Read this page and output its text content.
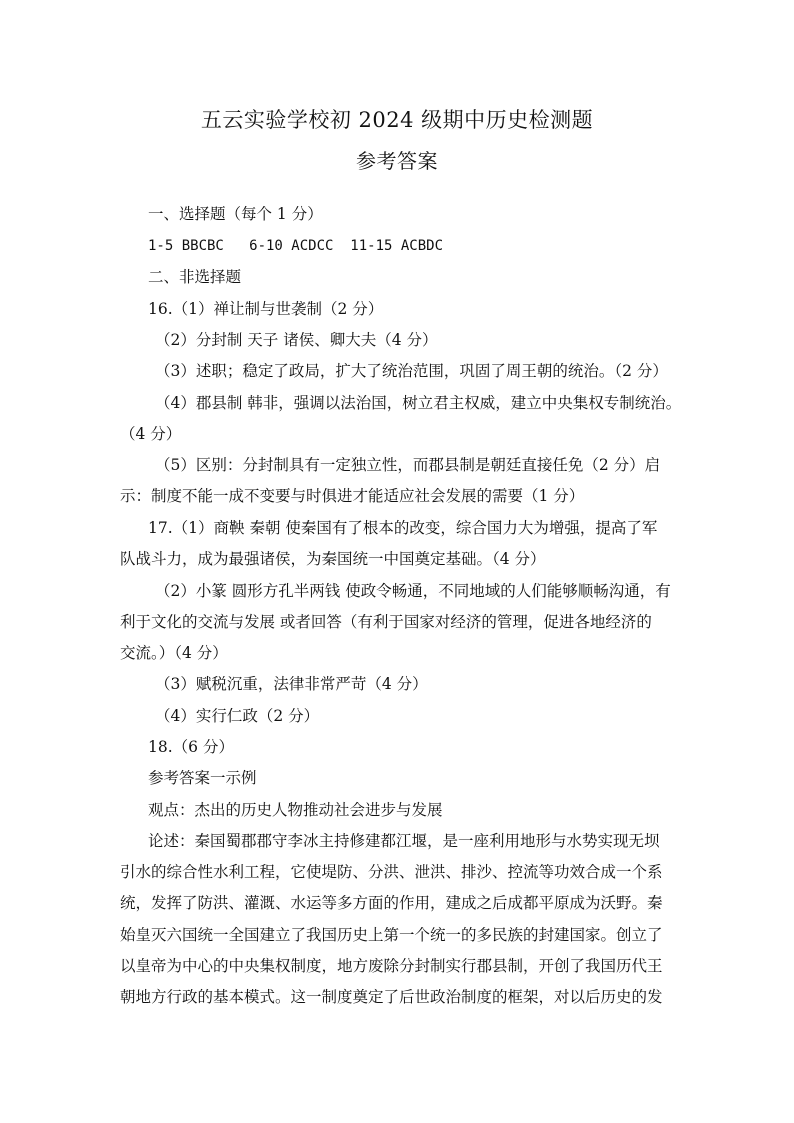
五云实验学校初 2024 级期中历史检测题
参考答案
一、选择题（每个 1 分）
1-5 BBCBC   6-10 ACDCC  11-15 ACBDC
二、非选择题
16.（1）禅让制与世袭制（2 分）
（2）分封制 天子 诸侯、卿大夫（4 分）
（3）述职；稳定了政局，扩大了统治范围，巩固了周王朝的统治。（2 分）
（4）郡县制 韩非，强调以法治国，树立君主权威，建立中央集权专制统治。
（4 分）
（5）区别：分封制具有一定独立性，而郡县制是朝廷直接任免（2 分）启
示：制度不能一成不变要与时俱进才能适应社会发展的需要（1 分）
17.（1）商鞅 秦朝 使秦国有了根本的改变，综合国力大为增强，提高了军
队战斗力，成为最强诸侯，为秦国统一中国奠定基础。（4 分）
（2）小篆 圆形方孔半两钱 使政令畅通，不同地域的人们能够顺畅沟通，有
利于文化的交流与发展 或者回答（有利于国家对经济的管理，促进各地经济的
交流。）（4 分）
（3）赋税沉重，法律非常严苛（4 分）
（4）实行仁政（2 分）
18.（6 分）
参考答案一示例
观点：杰出的历史人物推动社会进步与发展
论述：秦国蜀郡郡守李冰主持修建都江堰，是一座利用地形与水势实现无坝
引水的综合性水利工程，它使堤防、分洪、泄洪、排沙、控流等功效合成一个系
统，发挥了防洪、灌溉、水运等多方面的作用，建成之后成都平原成为沃野。秦
始皇灭六国统一全国建立了我国历史上第一个统一的多民族的封建国家。创立了
以皇帝为中心的中央集权制度，地方废除分封制实行郡县制，开创了我国历代王
朝地方行政的基本模式。这一制度奠定了后世政治制度的框架，对以后历史的发
